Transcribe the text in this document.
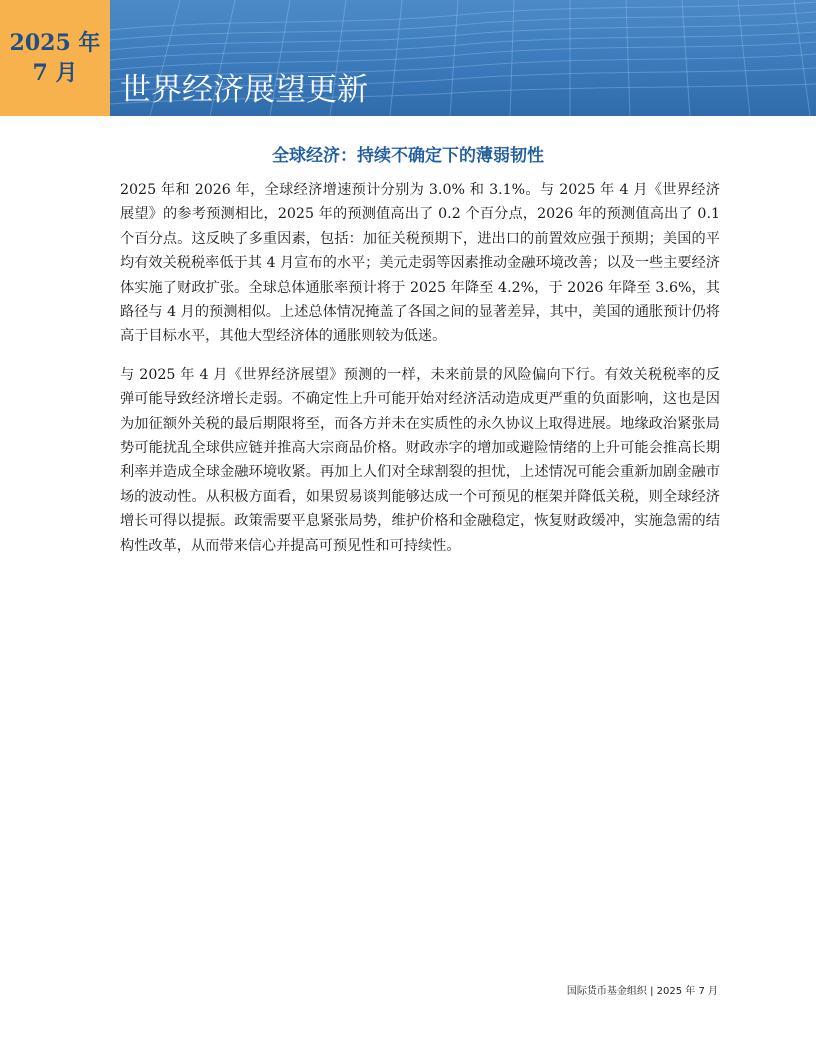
2025 年
7 月 世界经济展望更新
全球经济：持续不确定下的薄弱韧性

2025 年和 2026 年，全球经济增速预计分别为 3.0% 和 3.1%。与 2025 年 4 月《世界经济展望》的参考预测相比，2025 年的预测值高出了 0.2 个百分点，2026 年的预测值高出了 0.1 个百分点。这反映了多重因素，包括：加征关税预期下，进出口的前置效应强于预期；美国的平均有效关税税率低于其 4 月宣布的水平；美元走弱等因素推动金融环境改善；以及一些主要经济体实施了财政扩张。全球总体通胀率预计将于 2025 年降至 4.2%，于 2026 年降至 3.6%，其路径与 4 月的预测相似。上述总体情况掩盖了各国之间的显著差异，其中，美国的通胀预计仍将高于目标水平，其他大型经济体的通胀则较为低迷。

与 2025 年 4 月《世界经济展望》预测的一样，未来前景的风险偏向下行。有效关税税率的反弹可能导致经济增长走弱。不确定性上升可能开始对经济活动造成更严重的负面影响，这也是因为加征额外关税的最后期限将至，而各方并未在实质性的永久协议上取得进展。地缘政治紧张局势可能扰乱全球供应链并推高大宗商品价格。财政赤字的增加或避险情绪的上升可能会推高长期利率并造成全球金融环境收紧。再加上人们对全球割裂的担忧，上述情况可能会重新加剧金融市场的波动性。从积极方面看，如果贸易谈判能够达成一个可预见的框架并降低关税，则全球经济增长可得以提振。政策需要平息紧张局势，维护价格和金融稳定，恢复财政缓冲，实施急需的结构性改革，从而带来信心并提高可预见性和可持续性。

国际货币基金组织 | 2025 年 7 月
